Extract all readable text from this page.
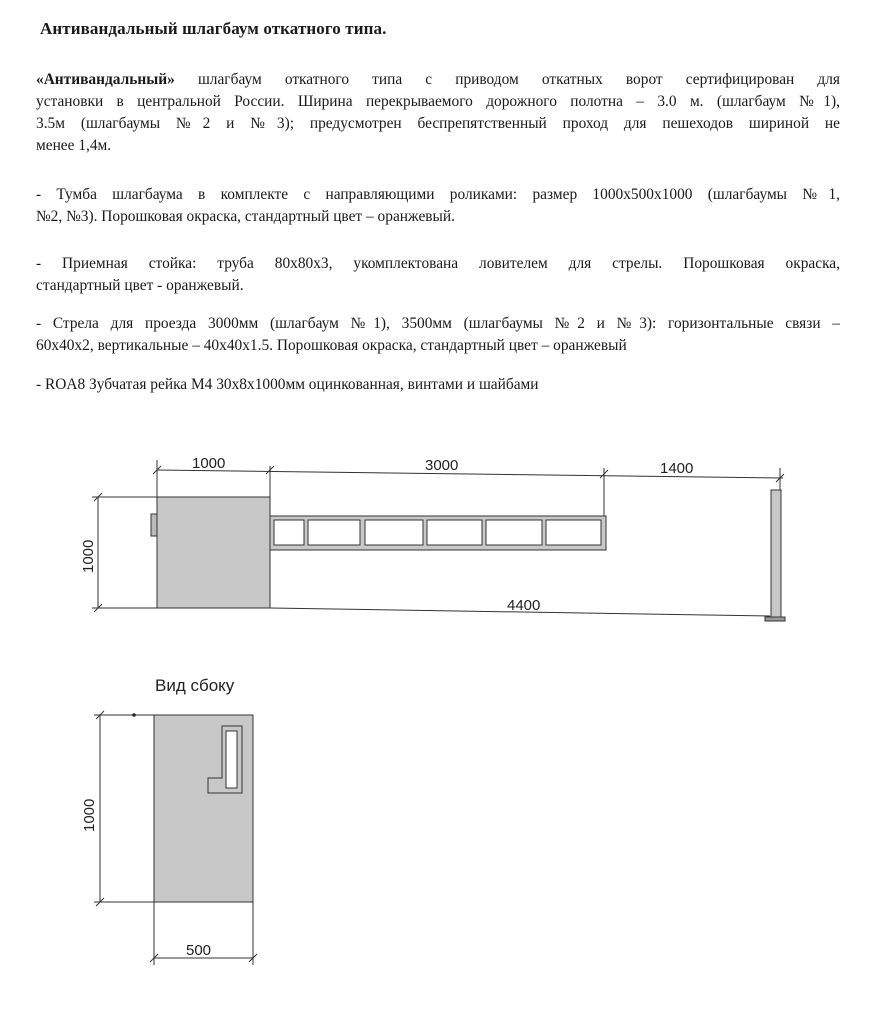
Антивандальный шлагбаум откатного типа.
«Антивандальный» шлагбаум откатного типа с приводом откатных ворот сертифицирован для
установки в центральной России. Ширина перекрываемого дорожного полотна – 3.0 м. (шлагбаум №1),
3.5м (шлагбаумы №2 и №3); предусмотрен беспрепятственный проход для пешеходов шириной не
менее 1,4м.
- Тумба шлагбаума в комплекте с направляющими роликами: размер 1000х500х1000 (шлагбаумы №1,
№2, №3). Порошковая окраска, стандартный цвет – оранжевый.
- Приемная стойка: труба 80х80х3, укомплектована ловителем для стрелы. Порошковая окраска,
стандартный цвет - оранжевый.
- Стрела для проезда 3000мм (шлагбаум №1), 3500мм (шлагбаумы №2 и №3): горизонтальные связи –
60х40х2, вертикальные – 40х40х1.5. Порошковая окраска, стандартный цвет – оранжевый
- ROA8 Зубчатая рейка М4 30х8х1000мм оцинкованная, винтами и шайбами
1000	3000	1400
1000
4400
Вид сбоку
1000
500
